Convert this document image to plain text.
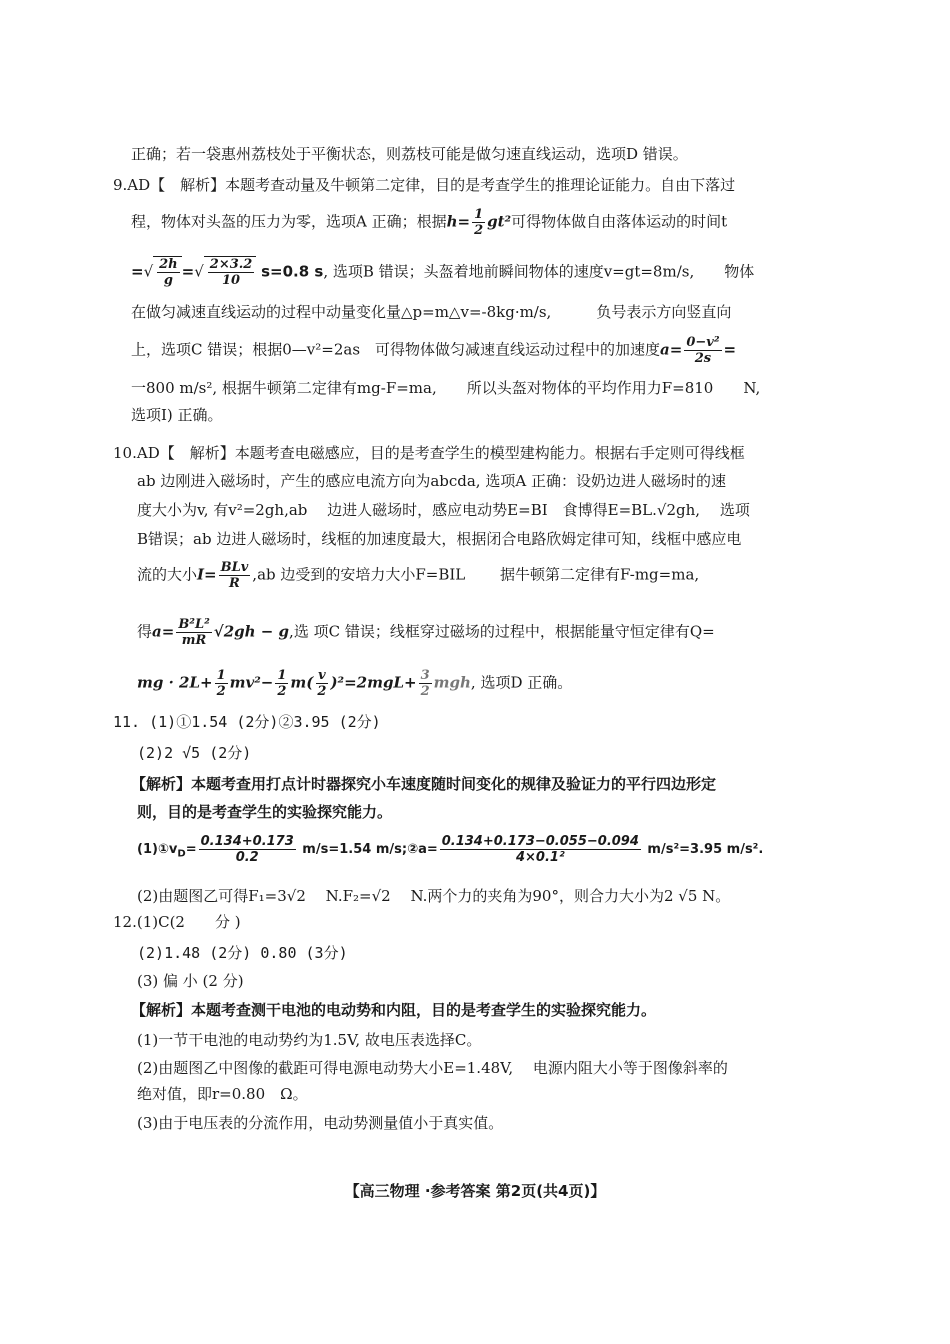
正确；若一袋惠州荔枝处于平衡状态，则荔枝可能是做匀速直线运动，选项D 错误。
9.AD【　解析】本题考查动量及牛顿第二定律，目的是考查学生的推理论证能力。自由下落过
程，物体对头盔的压力为零，选项A 正确；根据$h= \frac{1}{2} gt^2$可得物体做自由落体运动的时间t
=√ $\frac{2h}{g}$ =√ $\frac{2\times 3.2}{10} s=0.8$ s, 选项B 错误；头盔着地前瞬间物体的速度v=gt=8m/s,　　物体
在做匀减速直线运动的过程中动量变化量△p=m△v=-8kg·m/s,　　　负号表示方向竖直向
上，选项C 错误；根据0—v²=2as　可得物体做匀减速直线运动过程中的加速度$a= \frac{\text{0−v²}}{2s}$ =
一800 m/s², 根据牛顿第二定律有mg-F=ma,　　所以头盔对物体的平均作用力F=810　　N,
选项I) 正确。
10.AD【　解析】本题考查电磁感应，目的是考查学生的模型建构能力。根据右手定则可得线框
ab 边刚进入磁场时，产生的感应电流方向为abcda, 选项A 正确：设奶边进人磁场时的速
度大小为v, 有v²=2gh,ab　 边进人磁场时，感应电动势E=BI　食博得E=BL.√2gh,　 选项
B错误；ab 边进人磁场时，线框的加速度最大，根据闭合电路欣姆定律可知，线框中感应电
流的大小$I= \frac{\text{BLv}}{R} ,ab$ 边受到的安培力大小F=BIL　　 据牛顿第二定律有F-mg=ma,
得$a= \frac{\text{B²L²}}{mR} √2gh - g$,选 项C 错误；线框穿过磁场的过程中，根据能量守恒定律有Q=
mg · $2L+ \frac{1}{2} mv^2- \frac{1}{2} m( \frac{v}{2} )^2=2mgL+ \frac{3}{2}$ mgh, 选项D 正确。
11. (1)①1.54 (2分)②3.95 (2分)
(2)2 √5 (2分)
【解析】本题考查用打点计时器探究小车速度随时间变化的规律及验证力的平行四边形定
则，目的是考查学生的实验探究能力。
$(1)①v_D= \frac{0.134+0.173}{0.2} m/s=1.54$ m/s;②a= $\frac{0.134+0.173-0.055-0.094}{\text{4×0.1²}} m/s^2=3.95$ m/s².
(2)由题图乙可得F₁=3√2　 N.F₂=√2　 N.两个力的夹角为90°，则合力大小为2 √5 N。
12.(1)C(2　　分 )
(2)1.48 (2分) 0.80 (3分)
(3) 偏 小 (2 分)
【解析】本题考查测干电池的电动势和内阻，目的是考查学生的实验探究能力。
(1)一节干电池的电动势约为1.5V, 故电压表选择C。
(2)由题图乙中图像的截距可得电源电动势大小E=1.48V,　 电源内阻大小等于图像斜率的
绝对值，即r=0.80　Ω。
(3)由于电压表的分流作用，电动势测量值小于真实值。
【高三物理 ·参考答案 第2页(共4页)】
